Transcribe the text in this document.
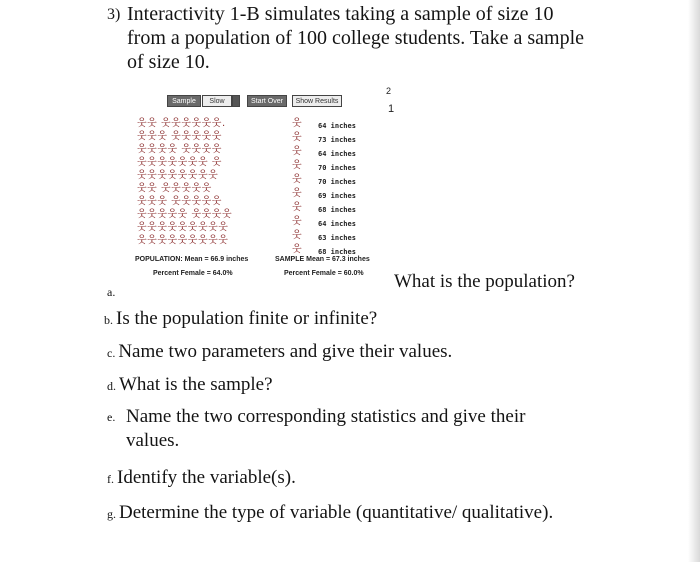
3) Interactivity 1-B simulates taking a sample of size 10
from a population of 100 college students. Take a sample
of size 10.
Sample	Slow	Start Over	Show Results
2
1
웃웃 웃웃웃웃웃웃.
웃웃웃 웃웃웃웃웃
웃웃웃웃 웃웃웃웃
웃웃웃웃웃웃웃 웃
웃웃웃웃웃웃웃웃
웃웃 웃웃웃웃웃
웃웃웃 웃웃웃웃웃
웃웃웃웃웃 웃웃웃웃
웃웃웃웃웃웃웃웃웃
웃웃웃웃웃웃웃웃웃
웃
웃
웃
웃
웃
웃
웃
웃
웃
웃
64 inches
73 inches
64 inches
70 inches
70 inches
69 inches
68 inches
64 inches
63 inches
68 inches
POPULATION: Mean = 66.9 inches
Percent Female = 64.0%
SAMPLE Mean = 67.3 inches
Percent Female = 60.0%
a.	What is the population?
b. Is the population finite or infinite?
c. Name two parameters and give their values.
d. What is the sample?
e. Name the two corresponding statistics and give their
values.
f. Identify the variable(s).
g. Determine the type of variable (quantitative/ qualitative).
